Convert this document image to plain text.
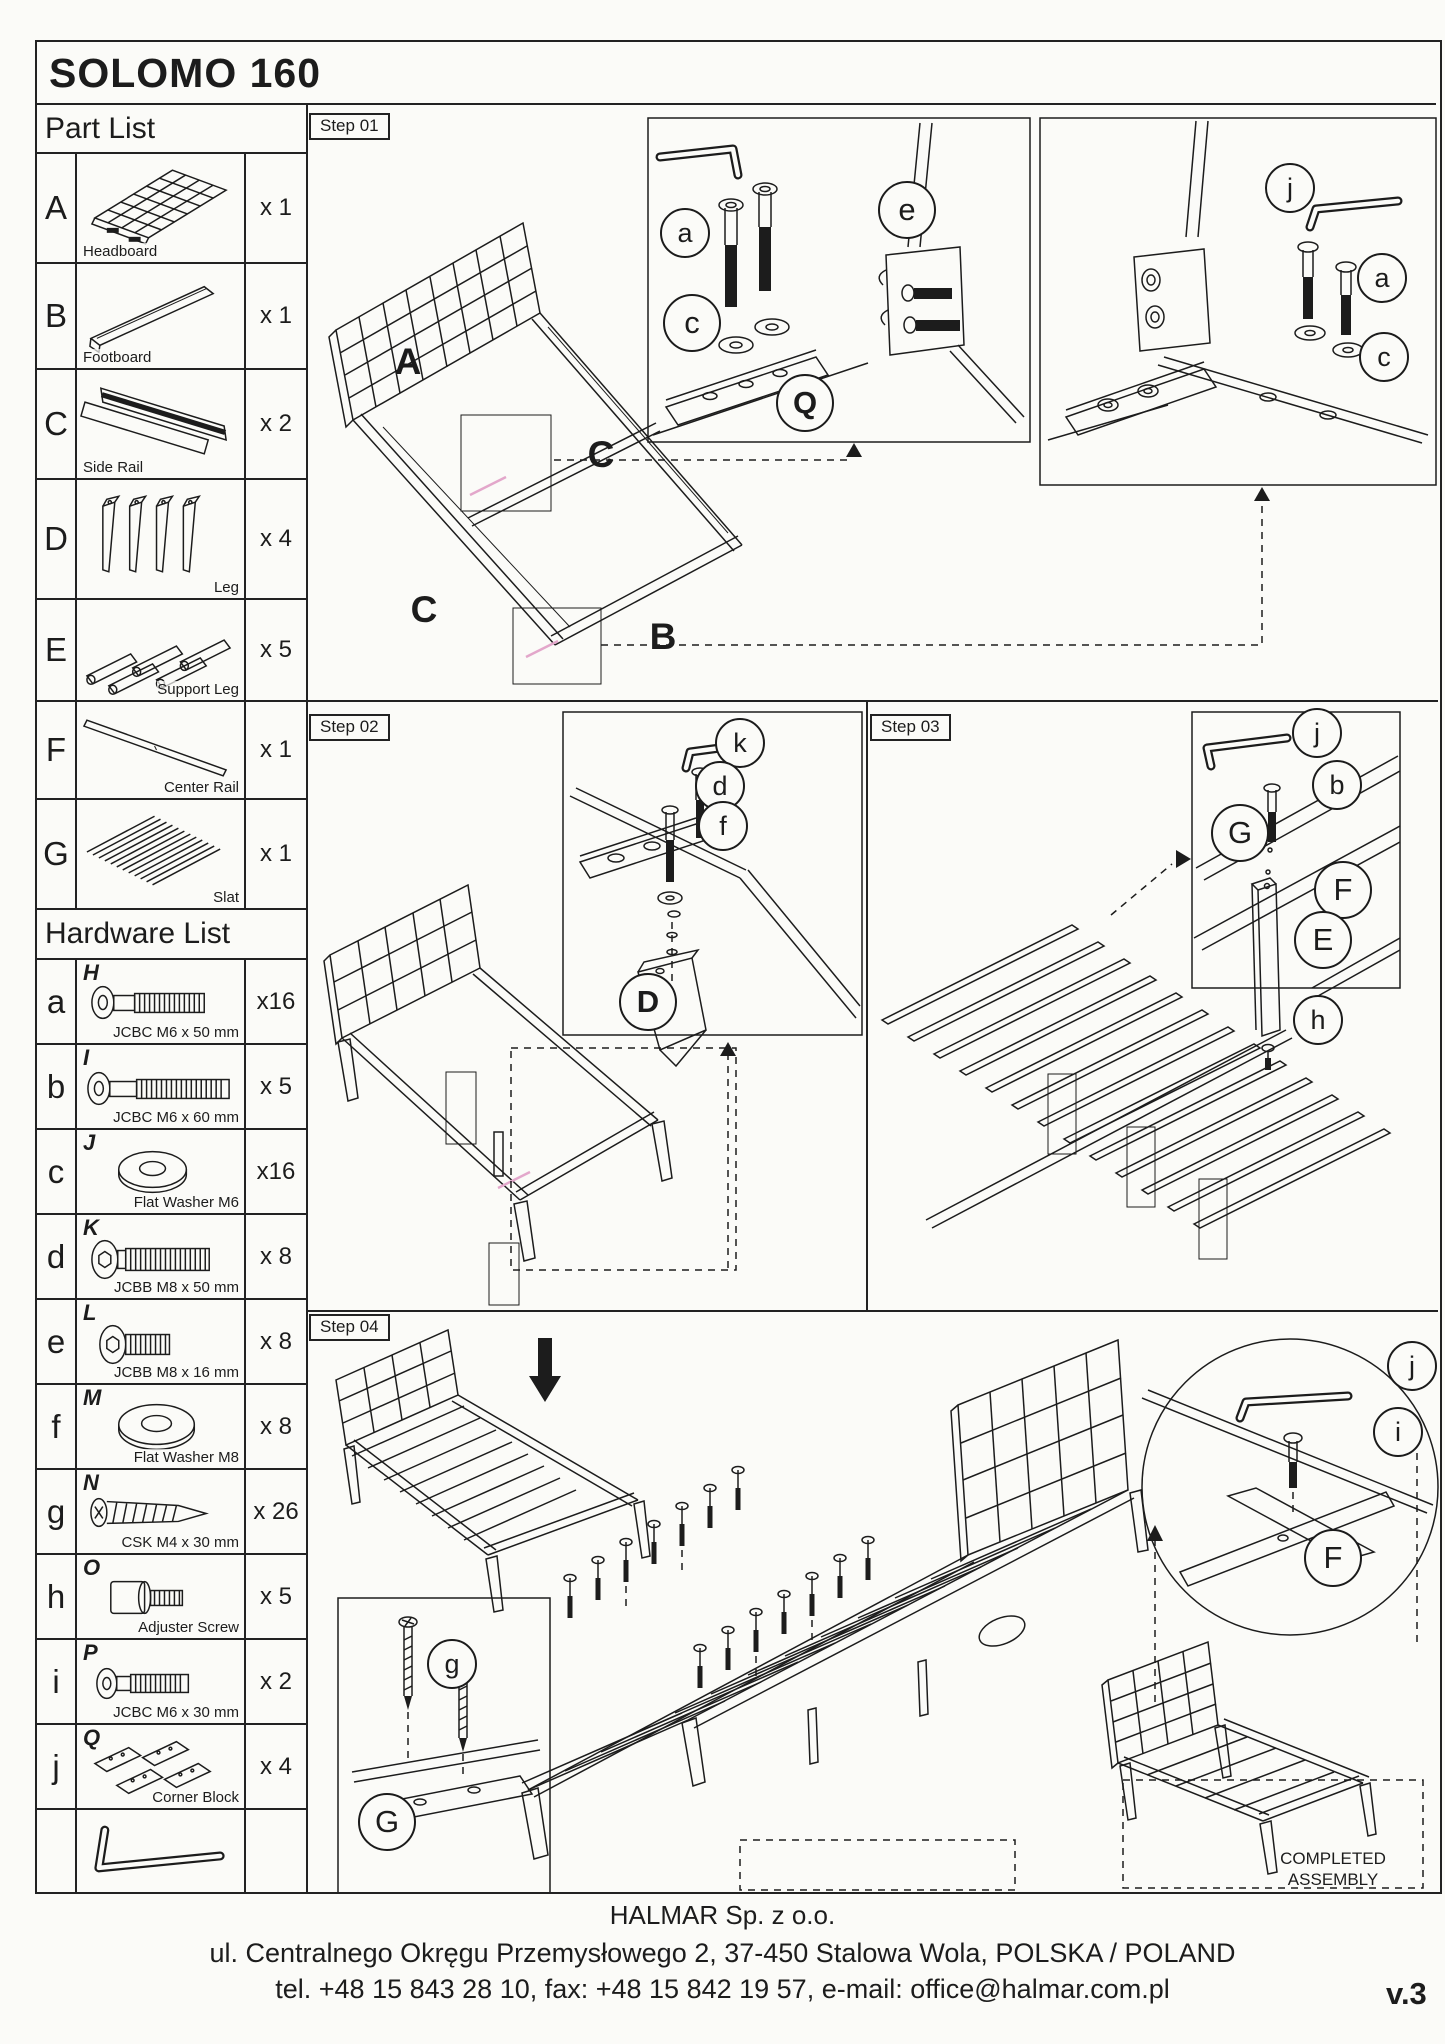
SOLOMO 160
Part List
A
Headboard
x 1
B
Footboard
x 1
C
Side Rail
x 2
D
Leg
x 4
E
Support Leg
x 5
F
Center Rail
x 1
G
Slat
x 1
Hardware List
a
H
JCBC M6 x 50 mm
x16
b
I
JCBC M6 x 60 mm
x 5
c
J
Flat Washer M6
x16
d
K
JCBB M8 x 50 mm
x 8
e
L
JCBB M8 x 16 mm
x 8
f
M
Flat Washer M8
x 8
g
N
CSK M4 x 30 mm
x 26
h
O
Adjuster Screw
x 5
i
P
JCBC M6 x 30 mm
x 2
j
Q
Corner Block
x 4
Step 01
A
C
C
B
a
e
c
Q
j
a
c
Step 02
k
d
f
D
Step 03	j
b
G
F
E
h
Step 04
g
G
j
i
F
COMPLETED ASSEMBLY
HALMAR Sp. z o.o.
ul. Centralnego Okręgu Przemysłowego 2, 37-450 Stalowa Wola, POLSKA / POLAND
tel. +48 15 843 28 10, fax: +48 15 842 19 57, e-mail: office@halmar.com.pl	v.3
